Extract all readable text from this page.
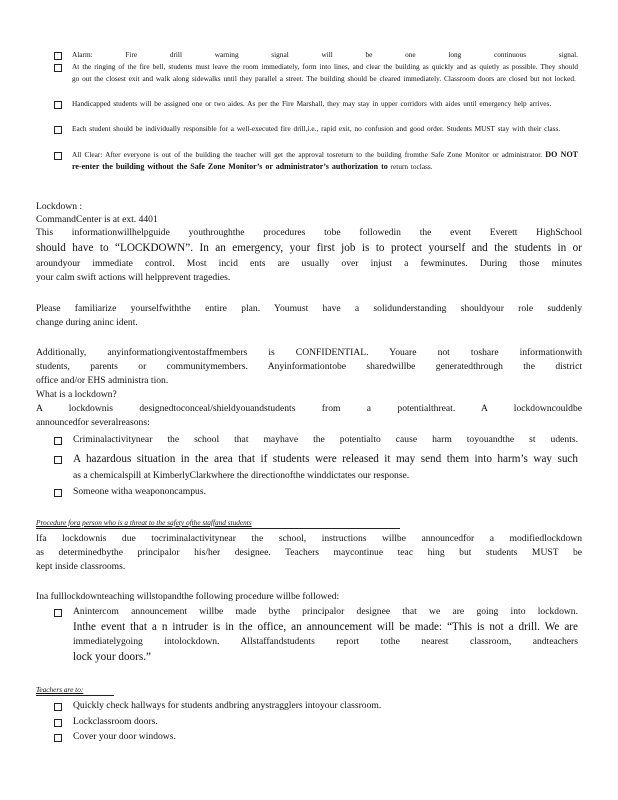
Alarm: Fire drill warning signal will be one long continuous signal.
At the ringing of the fire bell, students must leave the room immediately, form into lines, and clear the building as quickly and as quietly as possible. They should go out the closest exit and walk along sidewalks until they parallel a street. The building should be cleared immediately. Classroom doors are closed but not locked.
Handicapped students will be assigned one or two aides. As per the Fire Marshall, they may stay in upper corridors with aides until emergency help arrives.
Each student should be individually responsible for a well-executed fire drill,i.e., rapid exit, no confusion and good order. Students MUST stay with their class.
All Clear: After everyone is out of the building the teacher will get the approval tosreturn to the building fromthe Safe Zone Monitor or administrator. DO NOT re-enter the building without the Safe Zone Monitor’s or administrator’s authorization to return toclass.
Lockdown :
CommandCenter is at ext. 4401
This informationwillhelpguide youthroughthe procedures tobe followedin the event Everett HighSchool
should have to “LOCKDOWN”. In an emergency, your first job is to protect yourself and the students in or
aroundyour immediate control. Most incid ents are usually over injust a fewminutes. During those minutes
your calm swift actions will helpprevent tragedies.
Please familiarize yourselfwiththe entire plan. Youmust have a solidunderstanding shouldyour role suddenly
change during aninc ident.
Additionally, anyinformationgiventostaffmembers is CONFIDENTIAL. Youare not toshare informationwith
students, parents or communitymembers. Anyinformationtobe sharedwillbe generatedthrough the district
office and/or EHS administra tion.
What is a lockdown?
A lockdownis designedtoconceal/shieldyouandstudents from a potentialthreat. A lockdowncouldbe
announcedfor severalreasons:
Criminalactivitynear the school that mayhave the potentialto cause harm toyouandthe st udents.
A hazardous situation in the area that if students were released it may send them into harm’s way such
as a chemicalspill at KimberlyClarkwhere the directionofthe winddictates our response.
Someone witha weapononcampus.
Procedure fora person who is a threat to the safety ofthe staffand students
Ifa lockdownis due tocriminalactivitynear the school, instructions willbe announcedfor a modifiedlockdown
as determinedbythe principalor his/her designee. Teachers maycontinue teac hing but students MUST be
kept inside classrooms.
Ina fulllockdownteaching willstopandthe following procedure willbe followed:
Anintercom announcement willbe made bythe principalor designee that we are going into lockdown.
Inthe event that a n intruder is in the office, an announcement will be made: “This is not a drill. We are
immediatelygoing intolockdown. Allstaffandstudents report tothe nearest classroom, andteachers
lock your doors.”
Teachers are to:
Quickly check hallways for students andbring anystragglers intoyour classroom.
Lockclassroom doors.
Cover your door windows.
